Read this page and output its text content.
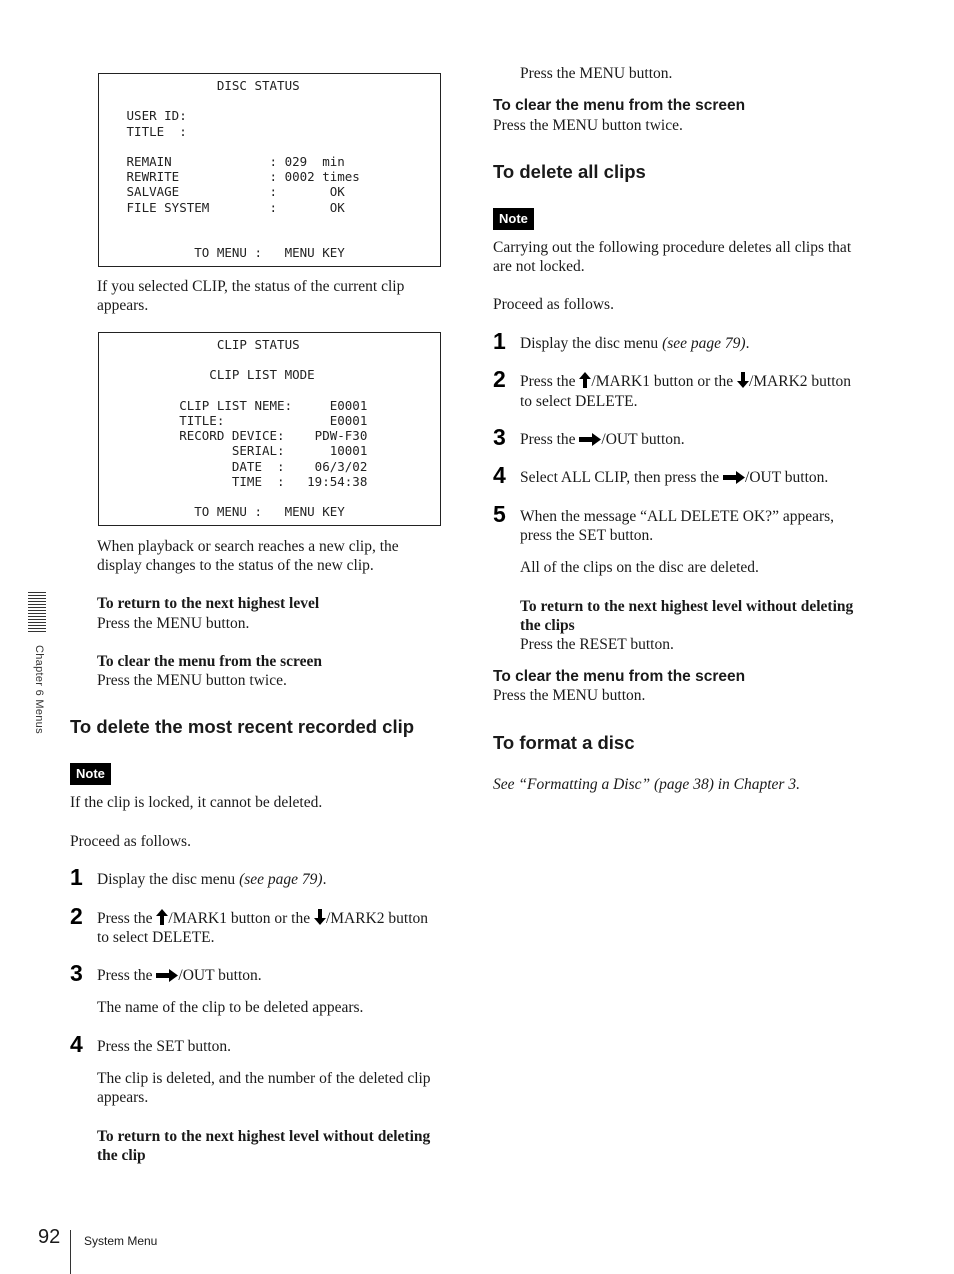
DISC STATUS

USER ID:
TITLE  :

REMAIN             : 029  min
REWRITE            : 0002 times
SALVAGE            :       OK
FILE SYSTEM        :       OK

TO MENU :   MENU KEY
If you selected CLIP, the status of the current clip appears.
CLIP STATUS

CLIP LIST MODE

CLIP LIST NEME:     E0001
TITLE:              E0001
RECORD DEVICE:    PDW-F30
SERIAL:      10001
DATE  :    06/3/02
TIME  :   19:54:38

TO MENU :   MENU KEY
When playback or search reaches a new clip, the display changes to the status of the new clip.
To return to the next highest level
Press the MENU button.
To clear the menu from the screen
Press the MENU button twice.
To delete the most recent recorded clip
Note
If the clip is locked, it cannot be deleted.
Proceed as follows.
1 Display the disc menu (see page 79).
2 Press the /MARK1 button or the /MARK2 button
to select DELETE.
3 Press the /OUT button.
The name of the clip to be deleted appears.
4 Press the SET button.
The clip is deleted, and the number of the deleted clip
appears.
To return to the next highest level without deleting
the clip
Press the MENU button.
To clear the menu from the screen
Press the MENU button twice.
To delete all clips
Note
Carrying out the following procedure deletes all clips that
are not locked.
Proceed as follows.
1 Display the disc menu (see page 79).
2 Press the /MARK1 button or the /MARK2 button
to select DELETE.
3 Press the /OUT button.
4 Select ALL CLIP, then press the /OUT button.
5 When the message “ALL DELETE OK?” appears,
press the SET button.
All of the clips on the disc are deleted.
To return to the next highest level without deleting
the clips
Press the RESET button.
To clear the menu from the screen
Press the MENU button.
To format a disc
See “Formatting a Disc” (page 38) in Chapter 3.
Chapter 6 Menus
92 System Menu
